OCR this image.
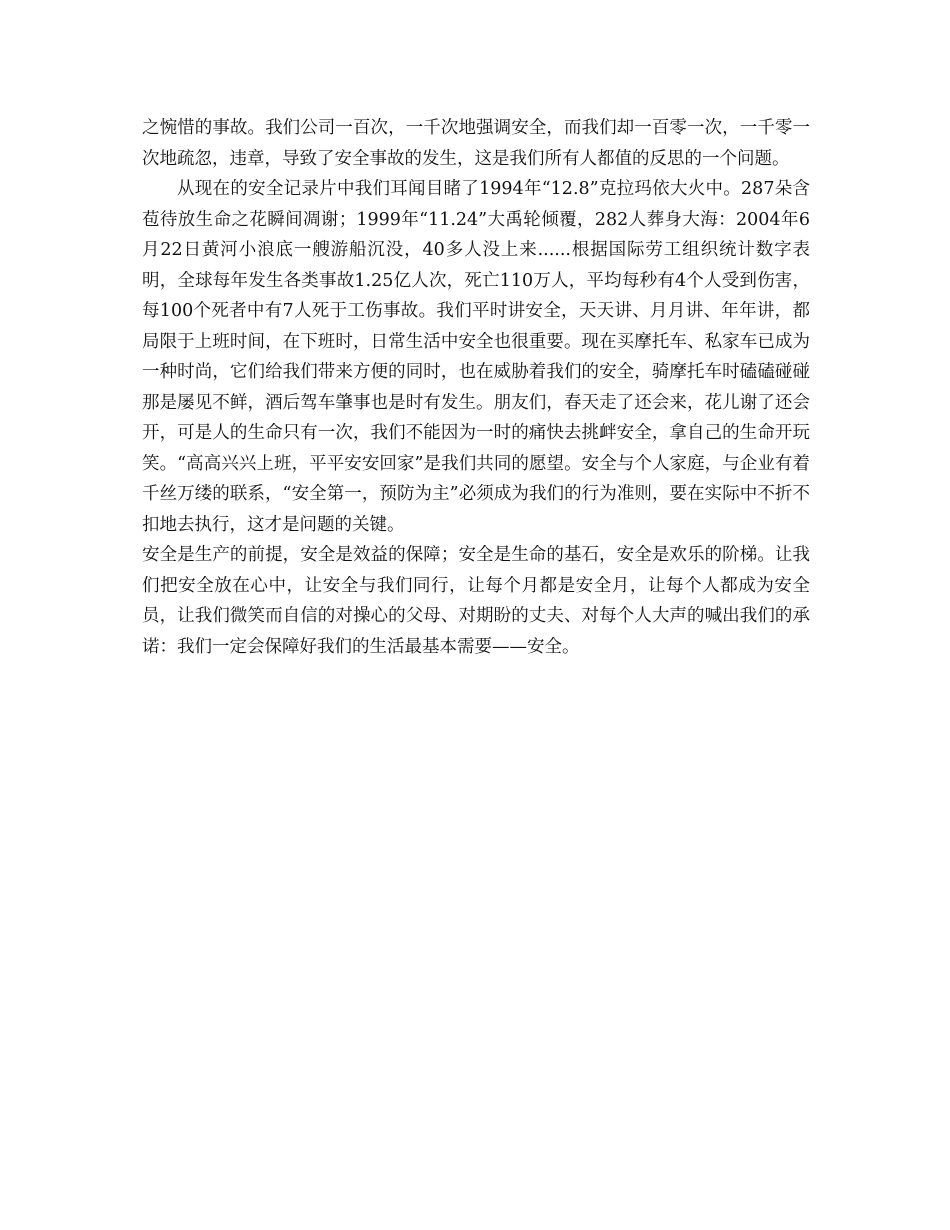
之惋惜的事故。我们公司一百次，一千次地强调安全，而我们却一百零一次，一千零一次地疏忽，违章，导致了安全事故的发生，这是我们所有人都值的反思的一个问题。

从现在的安全记录片中我们耳闻目睹了1994年“12.8”克拉玛依大火中。287朵含苞待放生命之花瞬间凋谢；1999年“11.24”大禹轮倾覆，282人葬身大海：2004年6月22日黄河小浪底一艘游船沉没，40多人没上来......根据国际劳工组织统计数字表明，全球每年发生各类事故1.25亿人次，死亡110万人，平均每秒有4个人受到伤害，每100个死者中有7人死于工伤事故。我们平时讲安全，天天讲、月月讲、年年讲，都局限于上班时间，在下班时，日常生活中安全也很重要。现在买摩托车、私家车已成为一种时尚，它们给我们带来方便的同时，也在威胁着我们的安全，骑摩托车时磕磕碰碰那是屡见不鲜，酒后驾车肇事也是时有发生。朋友们，春天走了还会来，花儿谢了还会开，可是人的生命只有一次，我们不能因为一时的痛快去挑衅安全，拿自己的生命开玩笑。“高高兴兴上班，平平安安回家”是我们共同的愿望。安全与个人家庭，与企业有着千丝万缕的联系，“安全第一，预防为主”必须成为我们的行为准则，要在实际中不折不扣地去执行，这才是问题的关键。

安全是生产的前提，安全是效益的保障；安全是生命的基石，安全是欢乐的阶梯。让我们把安全放在心中，让安全与我们同行，让每个月都是安全月，让每个人都成为安全员，让我们微笑而自信的对操心的父母、对期盼的丈夫、对每个人大声的喊出我们的承诺：我们一定会保障好我们的生活最基本需要——安全。
